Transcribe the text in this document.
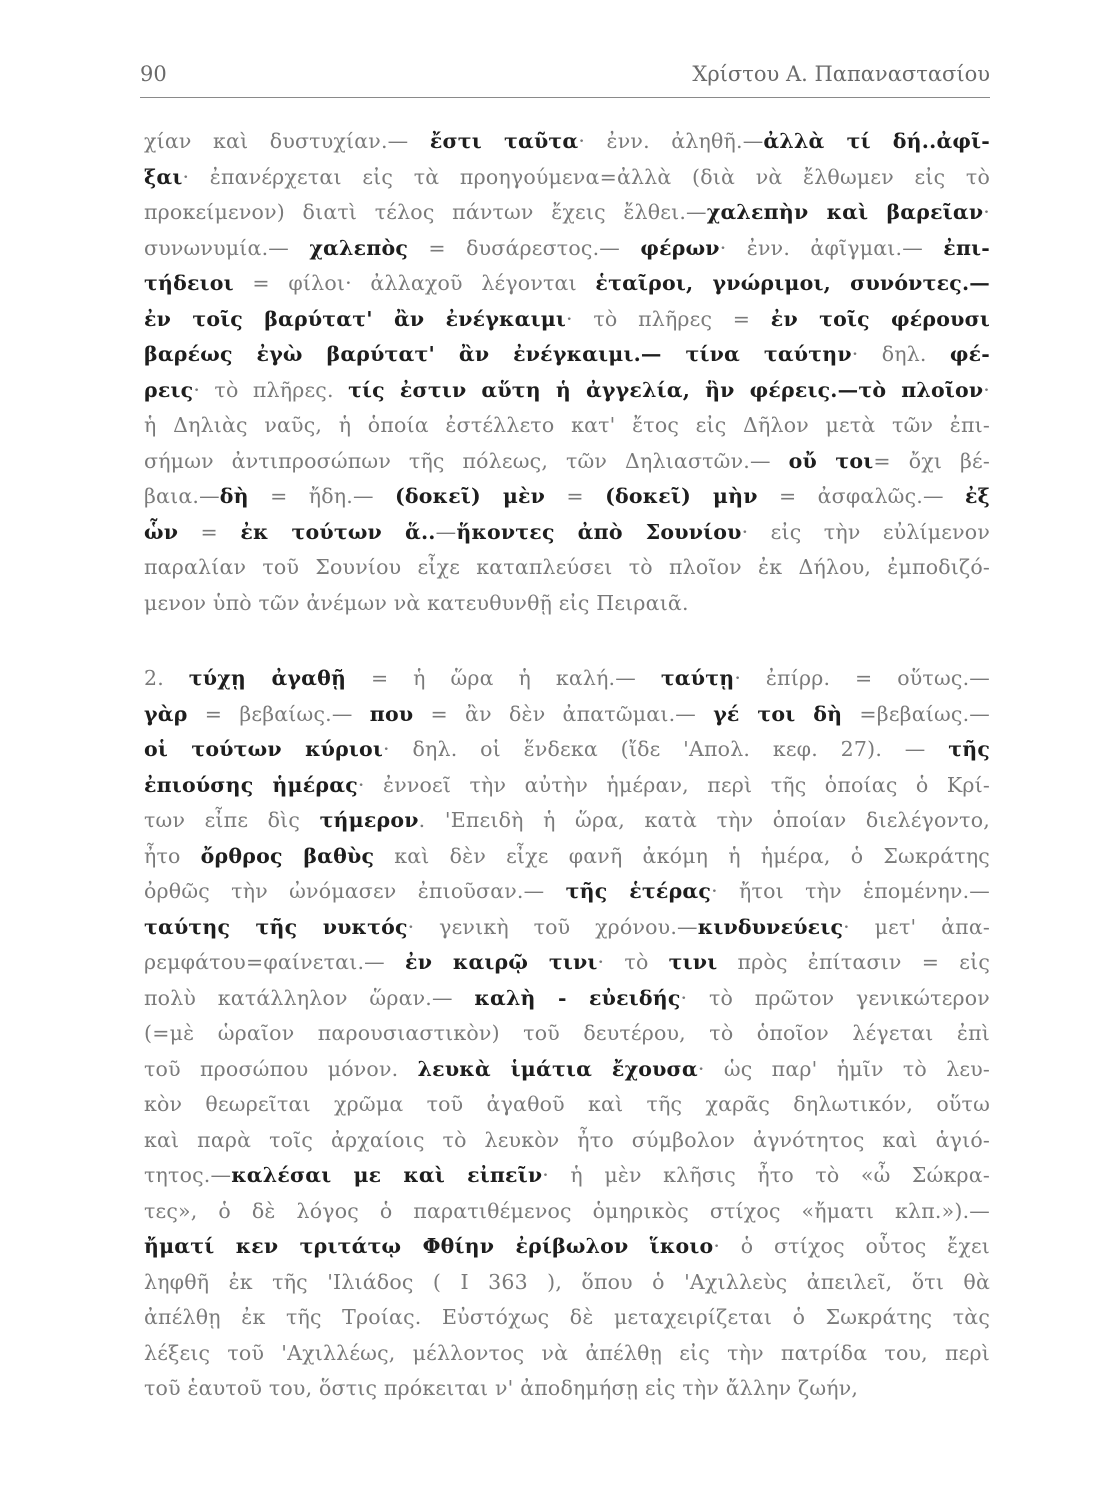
90	Χρίστου Α. Παπαναστασίου
χίαν καὶ δυστυχίαν.— ἔστι ταῦτα· ἐνν. ἀληθῆ.—ἀλλὰ τί δή..ἀφῖ-
ξαι· ἐπανέρχεται εἰς τὰ προηγούμενα=ἀλλὰ (διὰ νὰ ἔλθωμεν εἰς τὸ
προκείμενον) διατὶ τέλος πάντων ἔχεις ἔλθει.—χαλεπὴν καὶ βαρεῖαν·
συνωνυμία.— χαλεπὸς = δυσάρεστος.— φέρων· ἐνν. ἀφῖγμαι.— ἐπι-
τήδειοι = φίλοι· ἀλλαχοῦ λέγονται ἑταῖροι, γνώριμοι, συνόντες.—
ἐν τοῖς βαρύτατ' ἂν ἐνέγκαιμι· τὸ πλῆρες = ἐν τοῖς φέρουσι
βαρέως ἐγὼ βαρύτατ' ἂν ἐνέγκαιμι.— τίνα ταύτην· δηλ. φέ-
ρεις· τὸ πλῆρες. τίς ἐστιν αὕτη ἡ ἀγγελία, ἣν φέρεις.—τὸ πλοῖον·
ἡ Δηλιὰς ναῦς, ἡ ὁποία ἐστέλλετο κατ' ἔτος εἰς Δῆλον μετὰ τῶν ἐπι-
σήμων ἀντιπροσώπων τῆς πόλεως, τῶν Δηλιαστῶν.— οὔ τοι= ὄχι βέ-
βαια.—δὴ = ἤδη.— (δοκεῖ) μὲν = (δοκεῖ) μὴν = ἀσφαλῶς.— ἐξ
ὧν = ἐκ τούτων ἅ..—ἥκοντες ἀπὸ Σουνίου· εἰς τὴν εὐλίμενον
παραλίαν τοῦ Σουνίου εἶχε καταπλεύσει τὸ πλοῖον ἐκ Δήλου, ἐμποδιζό-
μενον ὑπὸ τῶν ἀνέμων νὰ κατευθυνθῇ εἰς Πειραιᾶ.
2. τύχῃ ἀγαθῇ = ἡ ὥρα ἡ καλή.— ταύτῃ· ἐπίρρ. = οὕτως.—
γὰρ = βεβαίως.— που = ἂν δὲν ἀπατῶμαι.— γέ τοι δὴ =βεβαίως.—
οἱ τούτων κύριοι· δηλ. οἱ ἕνδεκα (ἴδε 'Απολ. κεφ. 27). — τῆς
ἐπιούσης ἡμέρας· ἐννοεῖ τὴν αὐτὴν ἡμέραν, περὶ τῆς ὁποίας ὁ Κρί-
των εἶπε δὶς τήμερον. 'Επειδὴ ἡ ὥρα, κατὰ τὴν ὁποίαν διελέγοντο,
ἦτο ὄρθρος βαθὺς καὶ δὲν εἶχε φανῆ ἀκόμη ἡ ἡμέρα, ὁ Σωκράτης
ὀρθῶς τὴν ὠνόμασεν ἐπιοῦσαν.— τῆς ἑτέρας· ἤτοι τὴν ἑπομένην.—
ταύτης τῆς νυκτός· γενικὴ τοῦ χρόνου.—κινδυνεύεις· μετ' ἀπα-
ρεμφάτου=φαίνεται.— ἐν καιρῷ τινι· τὸ τινι πρὸς ἐπίτασιν = εἰς
πολὺ κατάλληλον ὥραν.— καλὴ - εὐειδής· τὸ πρῶτον γενικώτερον
(=μὲ ὡραῖον παρουσιαστικὸν) τοῦ δευτέρου, τὸ ὁποῖον λέγεται ἐπὶ
τοῦ προσώπου μόνον. λευκὰ ἱμάτια ἔχουσα· ὡς παρ' ἡμῖν τὸ λευ-
κὸν θεωρεῖται χρῶμα τοῦ ἀγαθοῦ καὶ τῆς χαρᾶς δηλωτικόν, οὕτω
καὶ παρὰ τοῖς ἀρχαίοις τὸ λευκὸν ἦτο σύμβολον ἀγνότητος καὶ ἁγιό-
τητος.—καλέσαι με καὶ εἰπεῖν· ἡ μὲν κλῆσις ἦτο τὸ «ὦ Σώκρα-
τες», ὁ δὲ λόγος ὁ παρατιθέμενος ὁμηρικὸς στίχος «ἤματι κλπ.»).—
ἤματί κεν τριτάτῳ Φθίην ἐρίβωλον ἵκοιο· ὁ στίχος οὗτος ἔχει
ληφθῆ ἐκ τῆς 'Ιλιάδος ( Ι 363 ), ὅπου ὁ 'Αχιλλεὺς ἀπειλεῖ, ὅτι θὰ
ἀπέλθῃ ἐκ τῆς Τροίας. Εὐστόχως δὲ μεταχειρίζεται ὁ Σωκράτης τὰς
λέξεις τοῦ 'Αχιλλέως, μέλλοντος νὰ ἀπέλθῃ εἰς τὴν πατρίδα του, περὶ
τοῦ ἑαυτοῦ του, ὅστις πρόκειται ν' ἀποδημήσῃ εἰς τὴν ἄλλην ζωήν,
